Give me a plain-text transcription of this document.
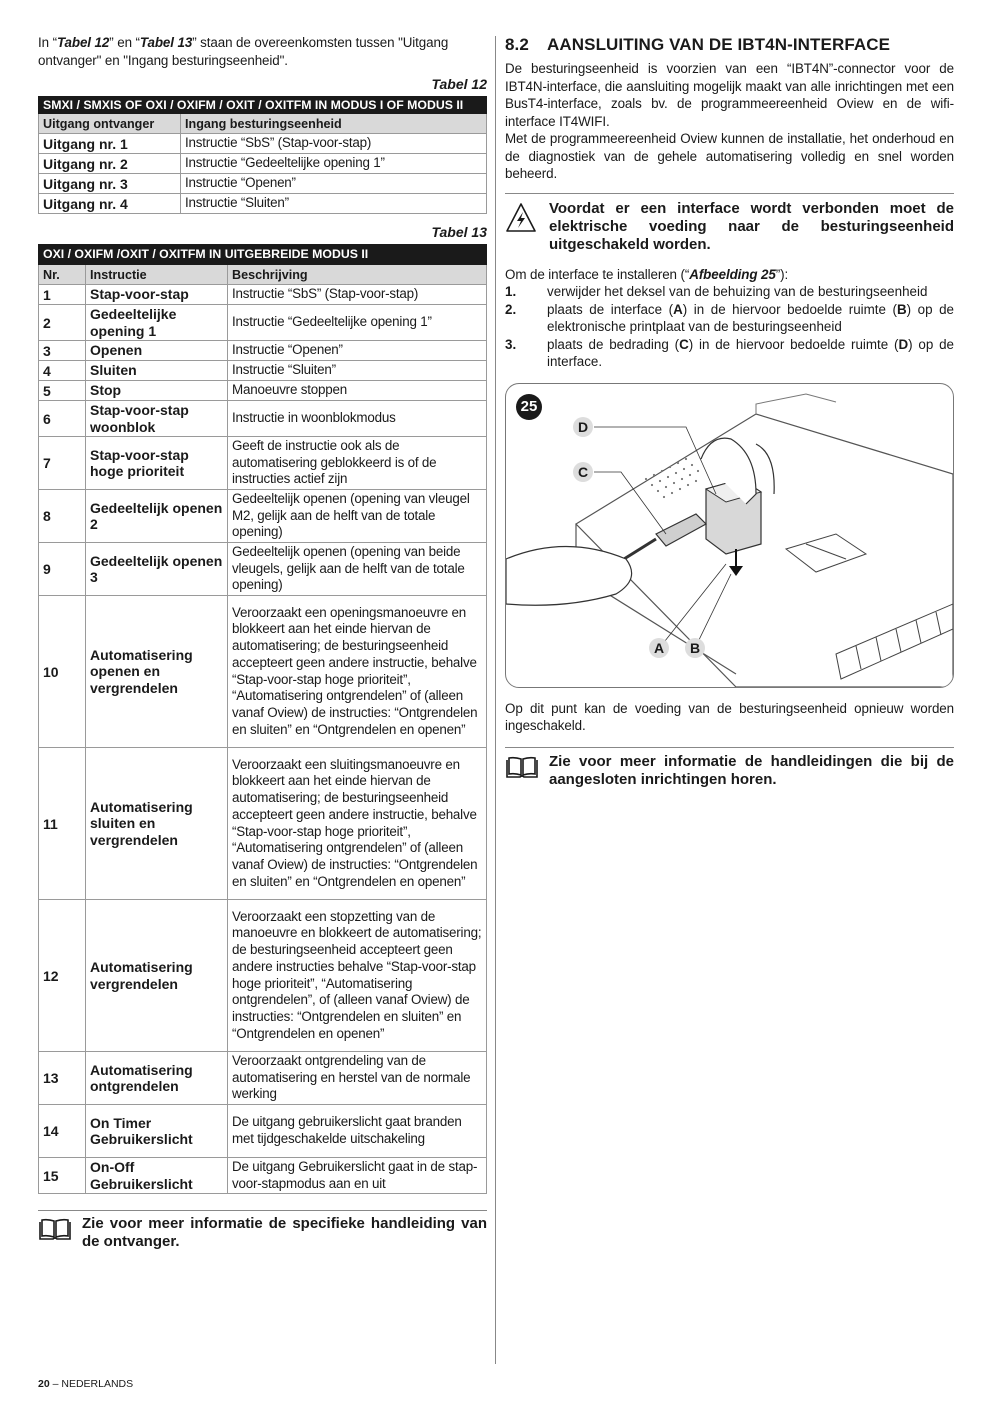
In “Tabel 12” en “Tabel 13” staan de overeenkomsten tussen "Uitgang ontvanger" en "Ingang besturingseenheid".

Tabel 12
SMXI / SMXIS OF OXI / OXIFM / OXIT / OXITFM IN MODUS I OF MODUS II	
Uitgang ontvanger	Ingang besturingseenheid
Uitgang nr. 1	Instructie “SbS” (Stap-voor-stap)
Uitgang nr. 2	Instructie “Gedeeltelijke opening 1”
Uitgang nr. 3	Instructie “Openen”
Uitgang nr. 4	Instructie “Sluiten”
Tabel 13
OXI / OXIFM /OXIT / OXITFM IN UITGEBREIDE MODUS II		
Nr.	Instructie	Beschrijving
1	Stap-voor-stap	Instructie “SbS” (Stap-voor-stap)
2	Gedeeltelijke opening 1	Instructie “Gedeeltelijke opening 1”
3	Openen	Instructie “Openen”
4	Sluiten	Instructie “Sluiten”
5	Stop	Manoeuvre stoppen
6	Stap-voor-stap woonblok	Instructie in woonblokmodus
7	Stap-voor-stap hoge prioriteit	Geeft de instructie ook als de automatisering geblokkeerd is of de instructies actief zijn
8	Gedeeltelijk openen 2	Gedeeltelijk openen (opening van vleugel M2, gelijk aan de helft van de totale opening)
9	Gedeeltelijk openen 3	Gedeeltelijk openen (opening van beide vleugels, gelijk aan de helft van de totale opening)
10	Automatisering openen en vergrendelen	Veroorzaakt een openingsmanoeuvre en blokkeert aan het einde hiervan de automatisering; de besturingseenheid accepteert geen andere instructie, behalve “Stap-voor-stap hoge prioriteit”, “Automatisering ontgrendelen” of (alleen vanaf Oview) de instructies: “Ontgrendelen en sluiten” en “Ontgrendelen en openen”
11	Automatisering sluiten en vergrendelen	Veroorzaakt een sluitingsmanoeuvre en blokkeert aan het einde hiervan de automatisering; de besturingseenheid accepteert geen andere instructie, behalve “Stap-voor-stap hoge prioriteit”, “Automatisering ontgrendelen” of (alleen vanaf Oview) de instructies: “Ontgrendelen en sluiten” en “Ontgrendelen en openen”
12	Automatisering vergrendelen	Veroorzaakt een stopzetting van de manoeuvre en blokkeert de automatisering; de besturingseenheid accepteert geen andere instructies behalve “Stap-voor-stap hoge prioriteit”, “Automatisering ontgrendelen”, of (alleen vanaf Oview) de instructies: “Ontgrendelen en sluiten” en “Ontgrendelen en openen”
13	Automatisering ontgrendelen	Veroorzaakt ontgrendeling van de automatisering en herstel van de normale werking
14	On Timer Gebruikerslicht	De uitgang gebruikerslicht gaat branden met tijdgeschakelde uitschakeling
15	On-Off Gebruikerslicht	De uitgang Gebruikerslicht gaat in de stap-voor-stapmodus aan en uit
Zie voor meer informatie de specifieke handleiding van de ontvanger.
8.2 AANSLUITING VAN DE IBT4N-INTERFACE

De besturingseenheid is voorzien van een “IBT4N”-connector voor de IBT4N-interface, die aansluiting mogelijk maakt van alle inrichtingen met een BusT4-interface, zoals bv. de programmeereenheid Oview en de wifi-interface IT4WIFI.

Met de programmeereenheid Oview kunnen de installatie, het onderhoud en de diagnostiek van de gehele automatisering volledig en snel worden beheerd.

Voordat er een interface wordt verbonden moet de elektrische voeding naar de besturingseenheid uitgeschakeld worden.

Om de interface te installeren (“Afbeelding 25”):

1.	verwijder het deksel van de behuizing van de besturingseenheid
2.	plaats de interface (A) in de hiervoor bedoelde ruimte (B) op de elektronische printplaat van de besturingseenheid
3.	plaats de bedrading (C) in de hiervoor bedoelde ruimte (D) op de interface.
25
D
C
A	B

Op dit punt kan de voeding van de besturingseenheid opnieuw worden ingeschakeld.

Zie voor meer informatie de handleidingen die bij de aangesloten inrichtingen horen.
20 – NEDERLANDS
